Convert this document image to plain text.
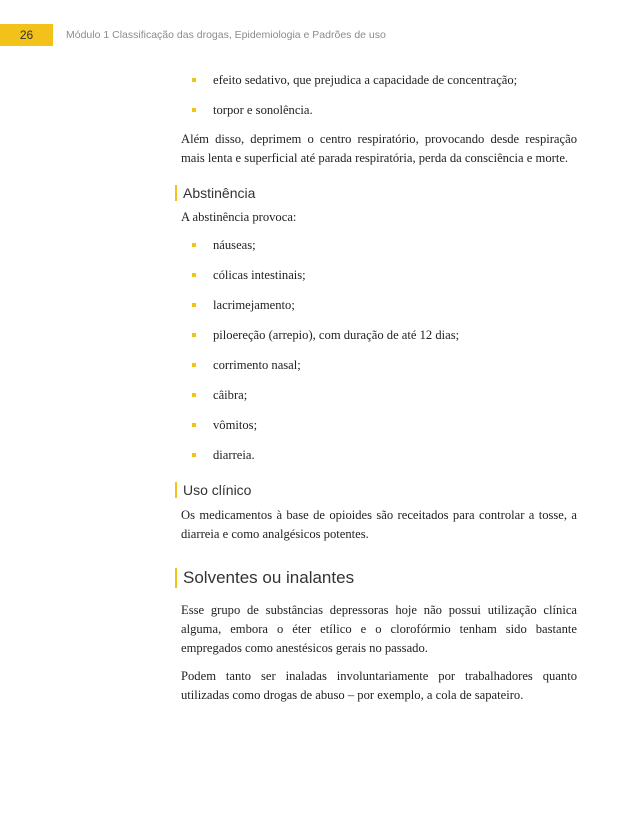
26	Módulo 1 Classificação das drogas, Epidemiologia e Padrões de uso
efeito sedativo, que prejudica a capacidade de concentração;
torpor e sonolência.

Além disso, deprimem o centro respiratório, provocando desde respiração mais lenta e superficial até parada respiratória, perda da consciência e morte.

Abstinência

A abstinência provoca:

náuseas;
cólicas intestinais;
lacrimejamento;
piloereção (arrepio), com duração de até 12 dias;
corrimento nasal;
câibra;
vômitos;
diarreia.
Uso clínico

Os medicamentos à base de opioides são receitados para controlar a tosse, a diarreia e como analgésicos potentes.

Solventes ou inalantes

Esse grupo de substâncias depressoras hoje não possui utilização clínica alguma, embora o éter etílico e o clorofórmio tenham sido bastante empregados como anestésicos gerais no passado.

Podem tanto ser inaladas involuntariamente por trabalhadores quanto utilizadas como drogas de abuso – por exemplo, a cola de sapateiro.
